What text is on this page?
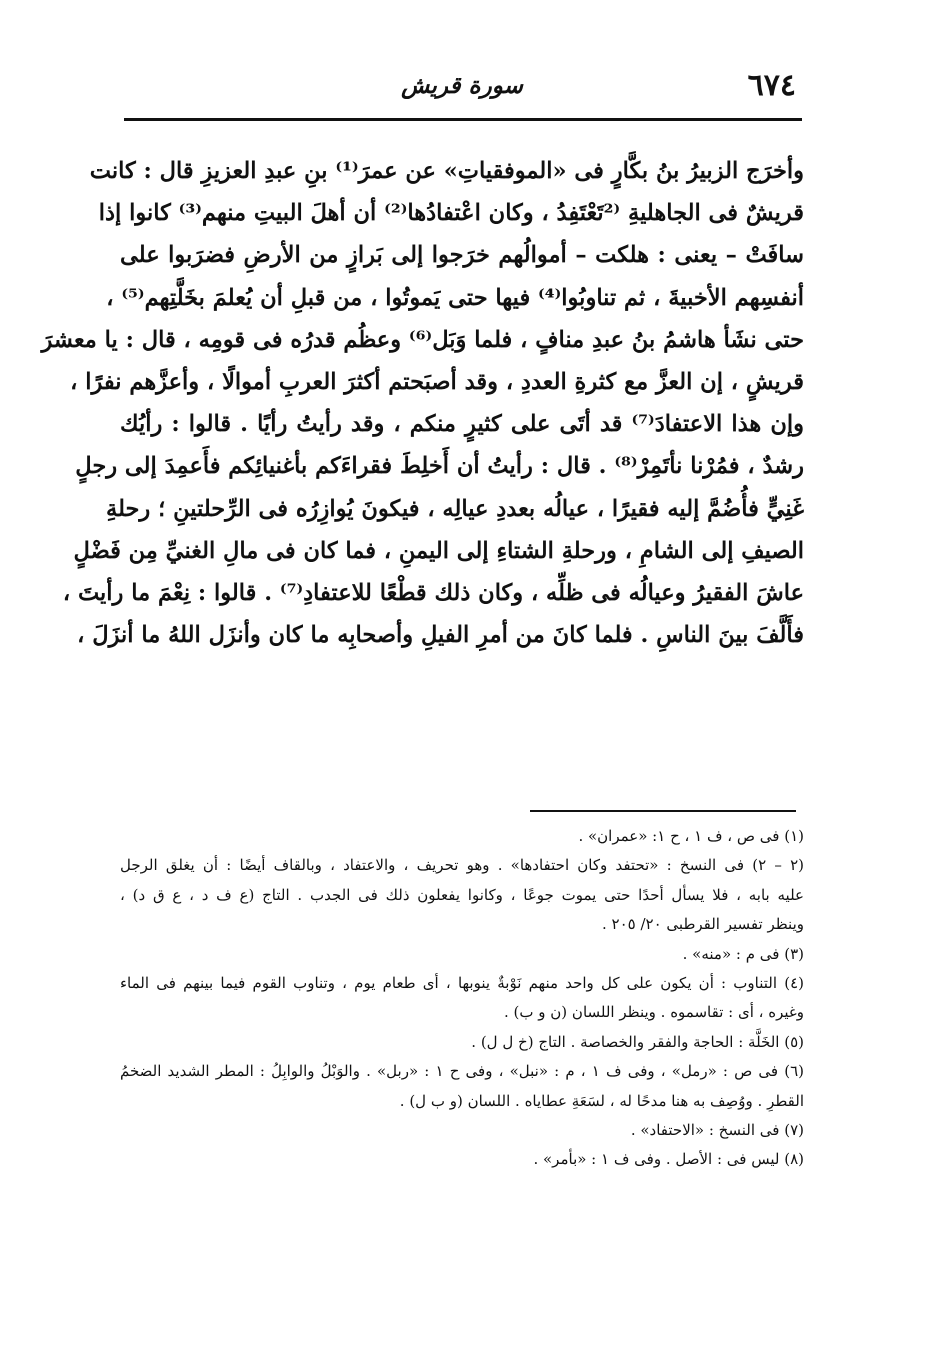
٦٧٤
سورة قريش
وأخرَج الزبيرُ بنُ بكَّارٍ فى «الموفقياتِ» عن عمرَ⁽¹⁾ بنِ عبدِ العزيزِ قال : كانت
قريشٌ فى الجاهليةِ ⁽²تَعْتَفِدُ ، وكان اعْتفادُها⁽²⁾ أن أهلَ البيتِ منهم⁽³⁾ كانوا إذا
سافَتْ – يعنى : هلكت – أموالُهم خرَجوا إلى بَرازٍ من الأرضِ فضرَبوا على
أنفسِهم الأخبيةَ ، ثم تناوبُوا⁽⁴⁾ فيها حتى يَموتُوا ، من قبلِ أن يُعلمَ بخَلَّتِهم⁽⁵⁾ ،
حتى نشَأ هاشمُ بنُ عبدِ منافٍ ، فلما وَبَل⁽⁶⁾ وعظُم قدرُه فى قومِه ، قال : يا معشرَ
قريشٍ ، إن العزَّ مع كثرةِ العددِ ، وقد أصبَحتم أكثرَ العربِ أموالًا ، وأعزَّهم نفرًا ،
وإن هذا الاعتفادَ⁽⁷⁾ قد أتَى على كثيرٍ منكم ، وقد رأيتُ رأيًا . قالوا : رأيُك
رشدٌ ، فمُرْنا نأتَمِرْ⁽⁸⁾ . قال : رأيتُ أن أَخلِطَ فقراءَكم بأغنيائِكم فأَعمِدَ إلى رجلٍ
غَنِيٍّ فأُضُمَّ إليه فقيرًا ، عيالُه بعددِ عيالِه ، فيكونَ يُوازِرُه فى الرِّحلتينِ ؛ رحلةِ
الصيفِ إلى الشامِ ، ورحلةِ الشتاءِ إلى اليمنِ ، فما كان فى مالِ الغنيِّ مِن فَضْلٍ
عاشَ الفقيرُ وعيالُه فى ظلِّه ، وكان ذلك قطْعًا للاعتفادِ⁽⁷⁾ . قالوا : نِعْمَ ما رأيتَ ،
فأَلَّفَ بينَ الناسِ . فلما كانَ من أمرِ الفيلِ وأصحابِه ما كان وأنزَل اللهُ ما أنزَلَ ،
(١) فى ص ، ف ١ ، ح ١: «عمران» .
(٢ – ٢) فى النسخ : «تحتفد وكان احتفادها» . وهو تحريف ، والاعتفاد ، وبالقاف أيضًا : أن يغلق الرجل
عليه بابه ، فلا يسأل أحدًا حتى يموت جوعًا ، وكانوا يفعلون ذلك فى الجدب . التاج (ع ف د ، ع ق د) ،
وينظر تفسير القرطبى ٢٠/ ٢٠٥ .
(٣) فى م : «منه» .
(٤) التناوب : أن يكون على كل واحد منهم نَوْبةٌ ينوبها ، أى طعام يوم ، وتناوب القوم فيما بينهم فى الماء
وغيره ، أى : تقاسموه . وينظر اللسان (ن و ب) .
(٥) الخَلَّة : الحاجة والفقر والخصاصة . التاج (خ ل ل) .
(٦) فى ص : «رمل» ، وفى ف ١ ، م : «نبل» ، وفى ح ١ : «ربل» . والوَبْلُ والوابِلُ : المطر الشديد الضخمُ
القطرِ . ووُصِف به هنا مدحًا له ، لسَعَةِ عطاياه . اللسان (و ب ل) .
(٧) فى النسخ : «الاحتفاد» .
(٨) ليس فى : الأصل . وفى ف ١ : «بأمر» .
